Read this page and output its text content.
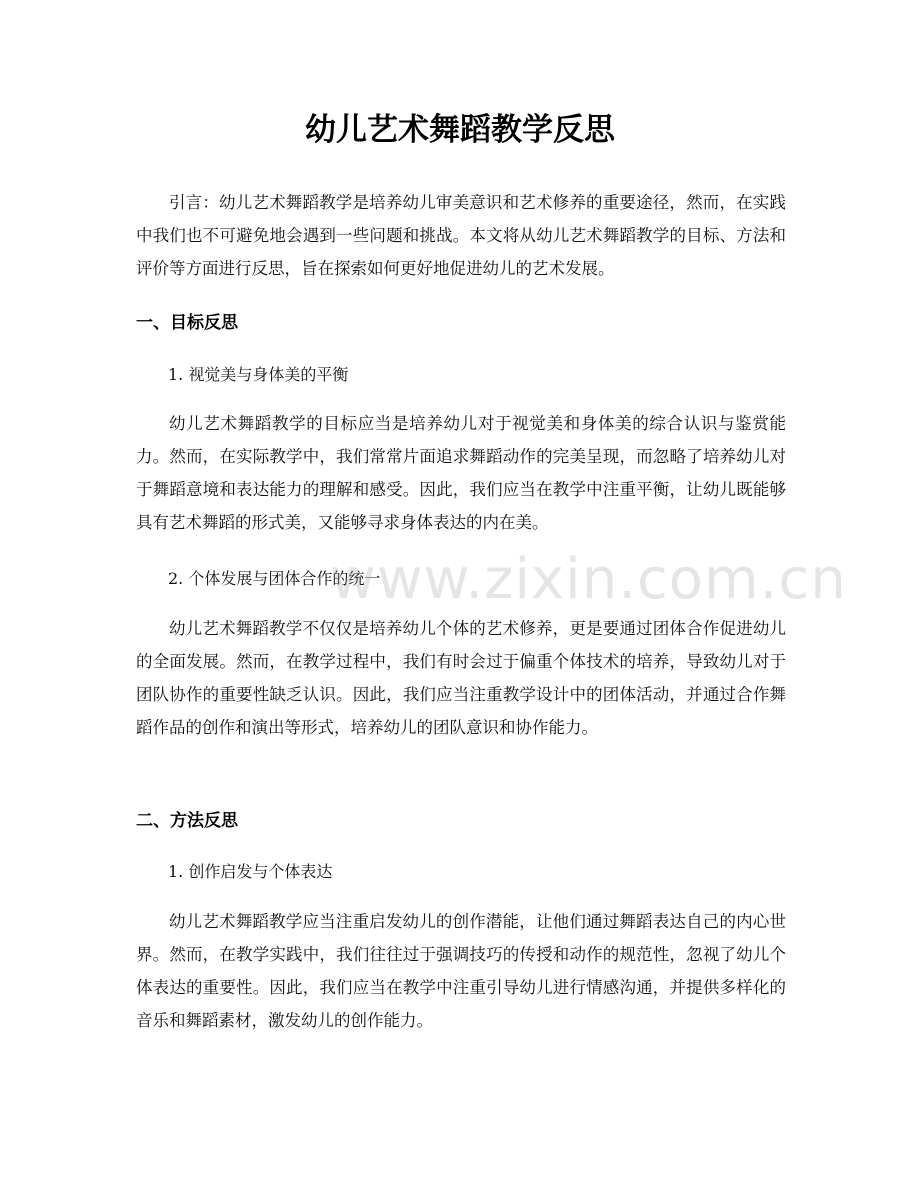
幼儿艺术舞蹈教学反思

引言：幼儿艺术舞蹈教学是培养幼儿审美意识和艺术修养的重要途径，然而，在实践中我们也不可避免地会遇到一些问题和挑战。本文将从幼儿艺术舞蹈教学的目标、方法和评价等方面进行反思，旨在探索如何更好地促进幼儿的艺术发展。

一、目标反思
1. 视觉美与身体美的平衡

幼儿艺术舞蹈教学的目标应当是培养幼儿对于视觉美和身体美的综合认识与鉴赏能力。然而，在实际教学中，我们常常片面追求舞蹈动作的完美呈现，而忽略了培养幼儿对于舞蹈意境和表达能力的理解和感受。因此，我们应当在教学中注重平衡，让幼儿既能够具有艺术舞蹈的形式美，又能够寻求身体表达的内在美。

2. 个体发展与团体合作的统一

幼儿艺术舞蹈教学不仅仅是培养幼儿个体的艺术修养，更是要通过团体合作促进幼儿的全面发展。然而，在教学过程中，我们有时会过于偏重个体技术的培养，导致幼儿对于团队协作的重要性缺乏认识。因此，我们应当注重教学设计中的团体活动，并通过合作舞蹈作品的创作和演出等形式，培养幼儿的团队意识和协作能力。

二、方法反思
1. 创作启发与个体表达

幼儿艺术舞蹈教学应当注重启发幼儿的创作潜能，让他们通过舞蹈表达自己的内心世界。然而，在教学实践中，我们往往过于强调技巧的传授和动作的规范性，忽视了幼儿个体表达的重要性。因此，我们应当在教学中注重引导幼儿进行情感沟通，并提供多样化的音乐和舞蹈素材，激发幼儿的创作能力。

www.zixin.com.cn
